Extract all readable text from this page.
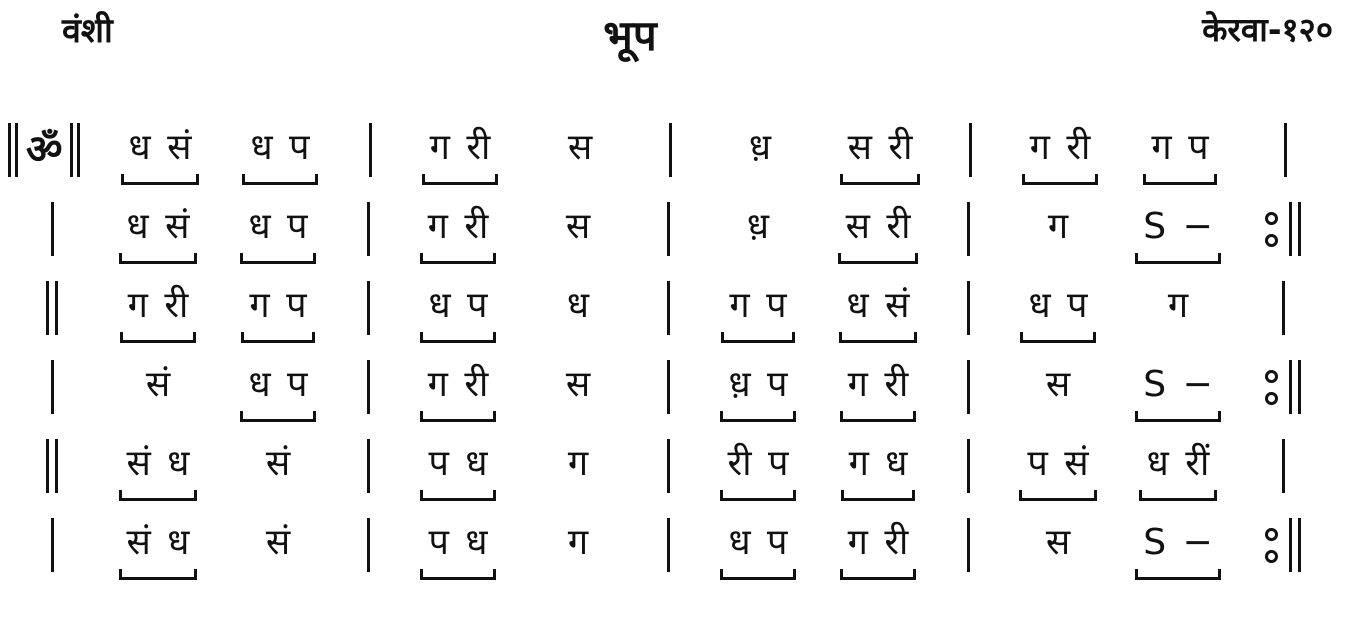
वंशी	भूप	केरवा-१२०
ॐ ध सं ध प	ग री स	ध़ स री	ग री ग प
ध सं ध प	ग री स	ध़ स री	ग S −
ग री ग प	ध प ध	ग प ध सं	ध प ग
सं ध प	ग री स	ध़ प ग री	स S −
सं ध सं	प ध ग	री प ग ध	प सं ध रीं
सं ध सं	प ध ग	ध प ग री	स S −
